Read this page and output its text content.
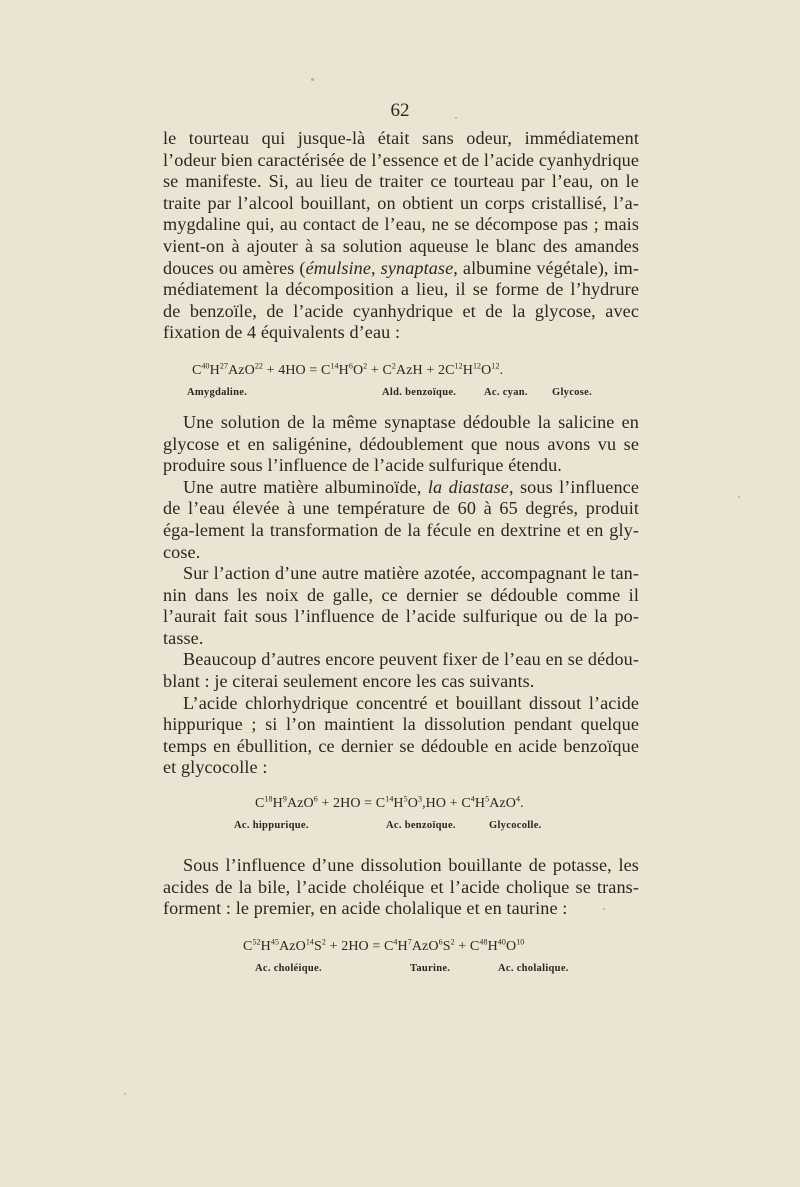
62

le tourteau qui jusque-là était sans odeur, immédiatement l’odeur bien caractérisée de l’essence et de l’acide cyanhydrique se manifeste. Si, au lieu de traiter ce tourteau par l’eau, on le traite par l’alcool bouillant, on obtient un corps cristallisé, l’a-mygdaline qui, au contact de l’eau, ne se décompose pas ; mais vient-on à ajouter à sa solution aqueuse le blanc des amandes douces ou amères (émulsine, synaptase, albumine végétale), im-médiatement la décomposition a lieu, il se forme de l’hydrure de benzoïle, de l’acide cyanhydrique et de la glycose, avec fixation de 4 équivalents d’eau :

$C^{40}H^{27}AzO^{22} + 4HO = C^{14}H^6O^2 + C^2AzH + 2C^{12}H^{12}O^{12}$.
Amygdaline.	Ald. benzoïque.	Ac. cyan. Glycose.

Une solution de la même synaptase dédouble la salicine en glycose et en saligénine, dédoublement que nous avons vu se produire sous l’influence de l’acide sulfurique étendu.

Une autre matière albuminoïde, la diastase, sous l’influence de l’eau élevée à une température de 60 à 65 degrés, produit éga-lement la transformation de la fécule en dextrine et en gly-cose.

Sur l’action d’une autre matière azotée, accompagnant le tan-nin dans les noix de galle, ce dernier se dédouble comme il l’aurait fait sous l’influence de l’acide sulfurique ou de la po-tasse.

Beaucoup d’autres encore peuvent fixer de l’eau en se dédou-blant : je citerai seulement encore les cas suivants.

L’acide chlorhydrique concentré et bouillant dissout l’acide hippurique ; si l’on maintient la dissolution pendant quelque temps en ébullition, ce dernier se dédouble en acide benzoïque et glycocolle :

$C^{18}H^9AzO^6 + 2HO = C^{14}H^5O^3,HO + C^4H^5AzO^4$.
Ac. hippurique.	Ac. benzoïque.	Glycocolle.

Sous l’influence d’une dissolution bouillante de potasse, les acides de la bile, l’acide choléique et l’acide cholique se trans-forment : le premier, en acide cholalique et en taurine :

$C^{52}H^{45}AzO^{14}S^2 + 2HO = C^4H^7AzO^6S^2 + C^{48}H^{40}O^{10}$
Ac. choléique.	Taurine.	Ac. cholalique.
